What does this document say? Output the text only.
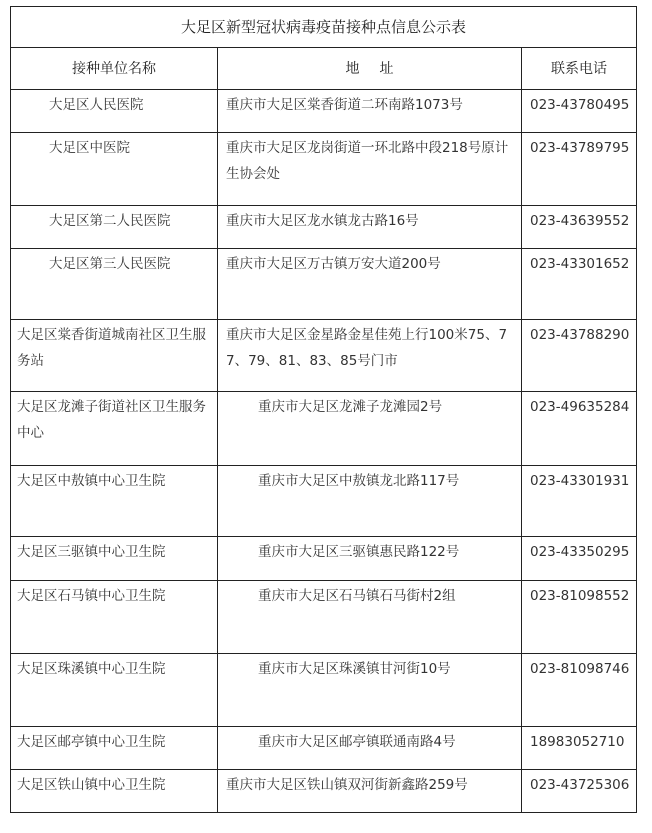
大足区新型冠状病毒疫苗接种点信息公示表		
接种单位名称	地址	联系电话
大足区人民医院	重庆市大足区棠香街道二环南路1073号	023-43780495
大足区中医院	重庆市大足区龙岗街道一环北路中段218号原计生协会处	023-43789795
大足区第二人民医院	重庆市大足区龙水镇龙古路16号	023-43639552
大足区第三人民医院	重庆市大足区万古镇万安大道200号	023-43301652
大足区棠香街道城南社区卫生服务站	重庆市大足区金星路金星佳苑上行100米75、77、79、81、83、85号门市	023-43788290
大足区龙滩子街道社区卫生服务中心	重庆市大足区龙滩子龙滩园2号	023-49635284
大足区中敖镇中心卫生院	重庆市大足区中敖镇龙北路117号	023-43301931
大足区三驱镇中心卫生院	重庆市大足区三驱镇惠民路122号	023-43350295
大足区石马镇中心卫生院	重庆市大足区石马镇石马街村2组	023-81098552
大足区珠溪镇中心卫生院	重庆市大足区珠溪镇甘河街10号	023-81098746
大足区邮亭镇中心卫生院	重庆市大足区邮亭镇联通南路4号	18983052710
大足区铁山镇中心卫生院	重庆市大足区铁山镇双河街新鑫路259号	023-43725306
